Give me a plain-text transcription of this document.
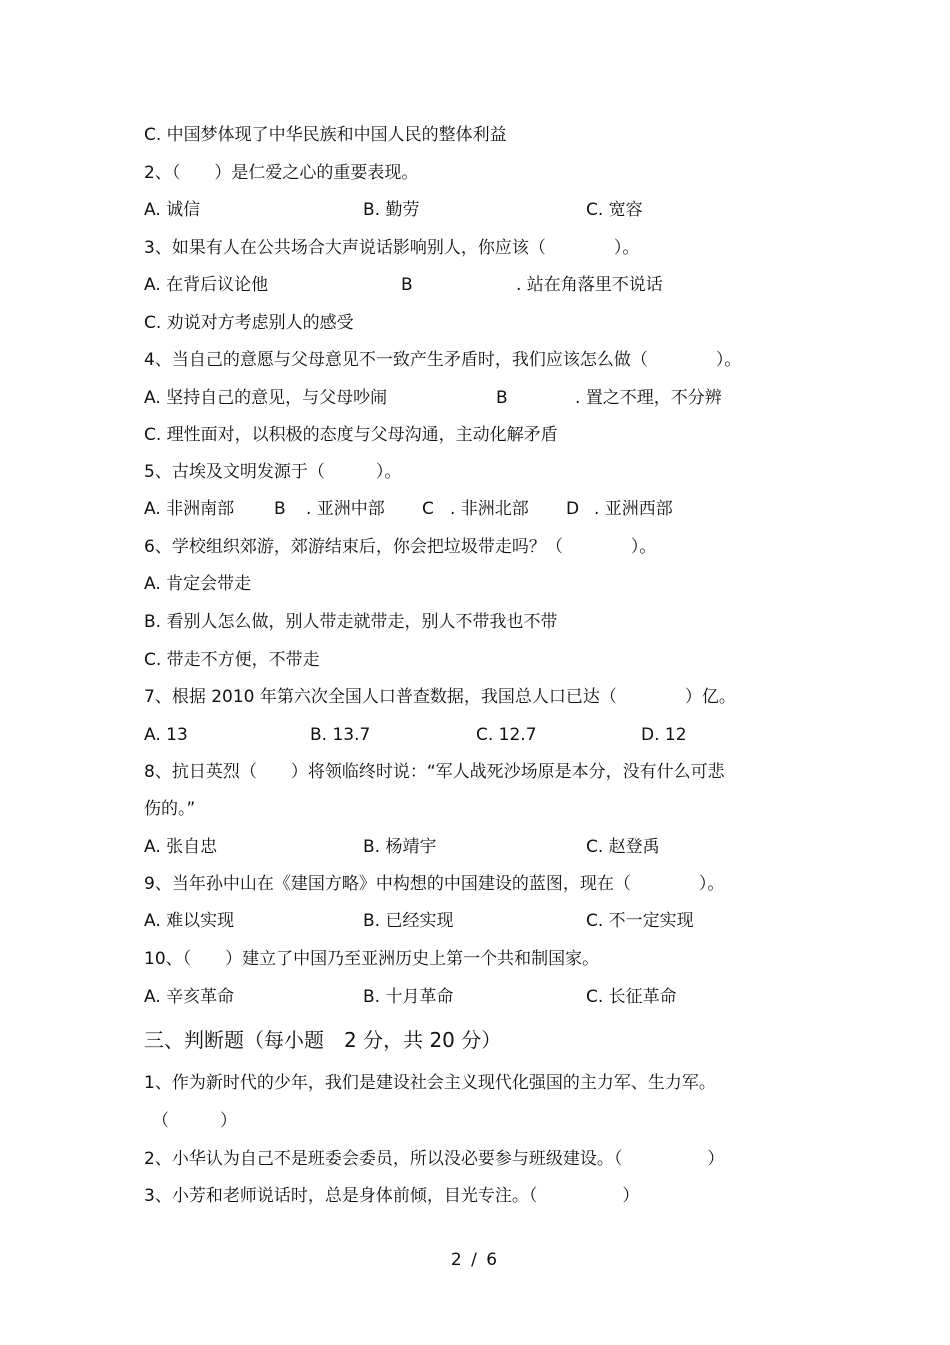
C. 中国梦体现了中华民族和中国人民的整体利益
2、（　　）是仁爱之心的重要表现。
A. 诚信	B. 勤劳	C. 宽容
3、如果有人在公共场合大声说话影响别人，你应该（　　　　）。
A. 在背后议论他	B	. 站在角落里不说话
C. 劝说对方考虑别人的感受
4、当自己的意愿与父母意见不一致产生矛盾时，我们应该怎么做（　　　　）。
A. 坚持自己的意见，与父母吵闹	B	. 置之不理，不分辨
C. 理性面对，以积极的态度与父母沟通，主动化解矛盾
5、古埃及文明发源于（　　　）。
A. 非洲南部 B . 亚洲中部 C . 非洲北部 D . 亚洲西部
6、学校组织郊游，郊游结束后，你会把垃圾带走吗？（　　　　）。
A. 肯定会带走
B. 看别人怎么做，别人带走就带走，别人不带我也不带
C. 带走不方便，不带走
7、根据 2010 年第六次全国人口普查数据，我国总人口已达（　　　　）亿。
A. 13	B. 13.7	C. 12.7	D. 12
8、抗日英烈（　　）将领临终时说：“军人战死沙场原是本分，没有什么可悲
伤的。”
A. 张自忠	B. 杨靖宇	C. 赵登禹
9、当年孙中山在《建国方略》中构想的中国建设的蓝图，现在（　　　　）。
A. 难以实现	B. 已经实现	C. 不一定实现
10、（　　）建立了中国乃至亚洲历史上第一个共和制国家。
A. 辛亥革命	B. 十月革命	C. 长征革命
三、判断题（每小题　2 分，共 20 分）
1、作为新时代的少年，我们是建设社会主义现代化强国的主力军、生力军。
（　　　）
2、小华认为自己不是班委会委员，所以没必要参与班级建设。（　　　　　）
3、小芳和老师说话时，总是身体前倾，目光专注。（　　　　　）
2 / 6
